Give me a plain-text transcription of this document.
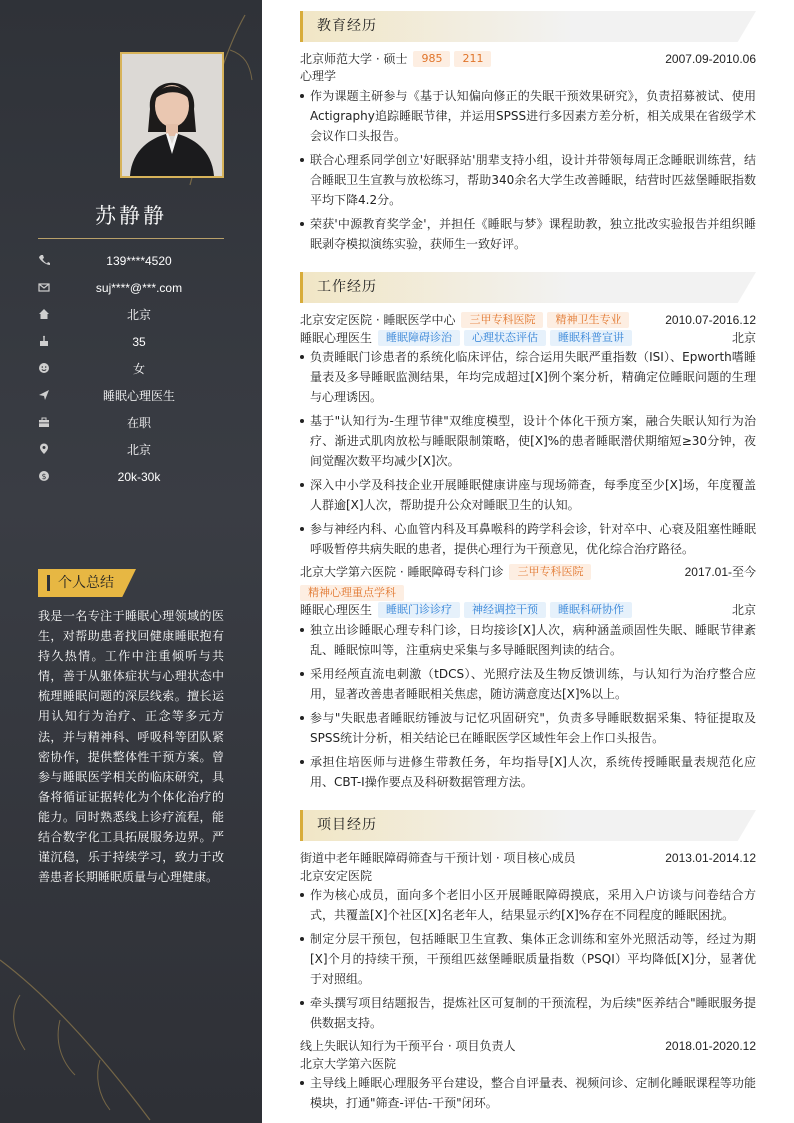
苏静静
139****4520
suj****@***.com
北京
35
女
睡眠心理医生
在职
北京
$	20k-30k
个人总结
我是一名专注于睡眠心理领域的医生，对帮助患者找回健康睡眠抱有持久热情。工作中注重倾听与共情，善于从躯体症状与心理状态中梳理睡眠问题的深层线索。擅长运用认知行为治疗、正念等多元方法，并与精神科、呼吸科等团队紧密协作，提供整体性干预方案。曾参与睡眠医学相关的临床研究，具备将循证证据转化为个体化治疗的能力。同时熟悉线上诊疗流程，能结合数字化工具拓展服务边界。严谨沉稳，乐于持续学习，致力于改善患者长期睡眠质量与心理健康。
教育经历
北京师范大学 · 硕士 985 211	2007.09-2010.06
心理学
作为课题主研参与《基于认知偏向修正的失眠干预效果研究》，负责招募被试、使用Actigraphy追踪睡眠节律，并运用SPSS进行多因素方差分析，相关成果在省级学术会议作口头报告。
联合心理系同学创立'好眠驿站'朋辈支持小组，设计并带领每周正念睡眠训练营，结合睡眠卫生宣教与放松练习，帮助340余名大学生改善睡眠，结营时匹兹堡睡眠指数平均下降4.2分。
荣获'中源教育奖学金'，并担任《睡眠与梦》课程助教，独立批改实验报告并组织睡眠剥夺模拟演练实验，获师生一致好评。
工作经历
北京安定医院 · 睡眠医学中心 三甲专科医院 精神卫生专业	2010.07-2016.12
睡眠心理医生 睡眠障碍诊治 心理状态评估 睡眠科普宣讲	北京
负责睡眠门诊患者的系统化临床评估，综合运用失眠严重指数（ISI）、Epworth嗜睡量表及多导睡眠监测结果，年均完成超过[X]例个案分析，精确定位睡眠问题的生理与心理诱因。
基于"认知行为-生理节律"双维度模型，设计个体化干预方案，融合失眠认知行为治疗、渐进式肌肉放松与睡眠限制策略，使[X]%的患者睡眠潜伏期缩短≥30分钟，夜间觉醒次数平均减少[X]次。
深入中小学及科技企业开展睡眠健康讲座与现场筛查，每季度至少[X]场，年度覆盖人群逾[X]人次，帮助提升公众对睡眠卫生的认知。
参与神经内科、心血管内科及耳鼻喉科的跨学科会诊，针对卒中、心衰及阻塞性睡眠呼吸暂停共病失眠的患者，提供心理行为干预意见，优化综合治疗路径。
北京大学第六医院 · 睡眠障碍专科门诊 三甲专科医院	2017.01-至今
精神心理重点学科
睡眠心理医生 睡眠门诊诊疗 神经调控干预 睡眠科研协作	北京
独立出诊睡眠心理专科门诊，日均接诊[X]人次，病种涵盖顽固性失眠、睡眠节律紊乱、睡眠惊叫等，注重病史采集与多导睡眠图判读的结合。
采用经颅直流电刺激（tDCS）、光照疗法及生物反馈训练，与认知行为治疗整合应用，显著改善患者睡眠相关焦虑，随访满意度达[X]%以上。
参与"失眠患者睡眠纺锤波与记忆巩固研究"，负责多导睡眠数据采集、特征提取及SPSS统计分析，相关结论已在睡眠医学区域性年会上作口头报告。
承担住培医师与进修生带教任务，年均指导[X]人次，系统传授睡眠量表规范化应用、CBT-I操作要点及科研数据管理方法。
项目经历
街道中老年睡眠障碍筛查与干预计划 · 项目核心成员	2013.01-2014.12
北京安定医院
作为核心成员，面向多个老旧小区开展睡眠障碍摸底，采用入户访谈与问卷结合方式，共覆盖[X]个社区[X]名老年人，结果显示约[X]%存在不同程度的睡眠困扰。
制定分层干预包，包括睡眠卫生宣教、集体正念训练和室外光照活动等，经过为期[X]个月的持续干预，干预组匹兹堡睡眠质量指数（PSQI）平均降低[X]分，显著优于对照组。
牵头撰写项目结题报告，提炼社区可复制的干预流程，为后续"医养结合"睡眠服务提供数据支持。
线上失眠认知行为干预平台 · 项目负责人	2018.01-2020.12
北京大学第六医院
主导线上睡眠心理服务平台建设，整合自评量表、视频问诊、定制化睡眠课程等功能模块，打通"筛查-评估-干预"闭环。
